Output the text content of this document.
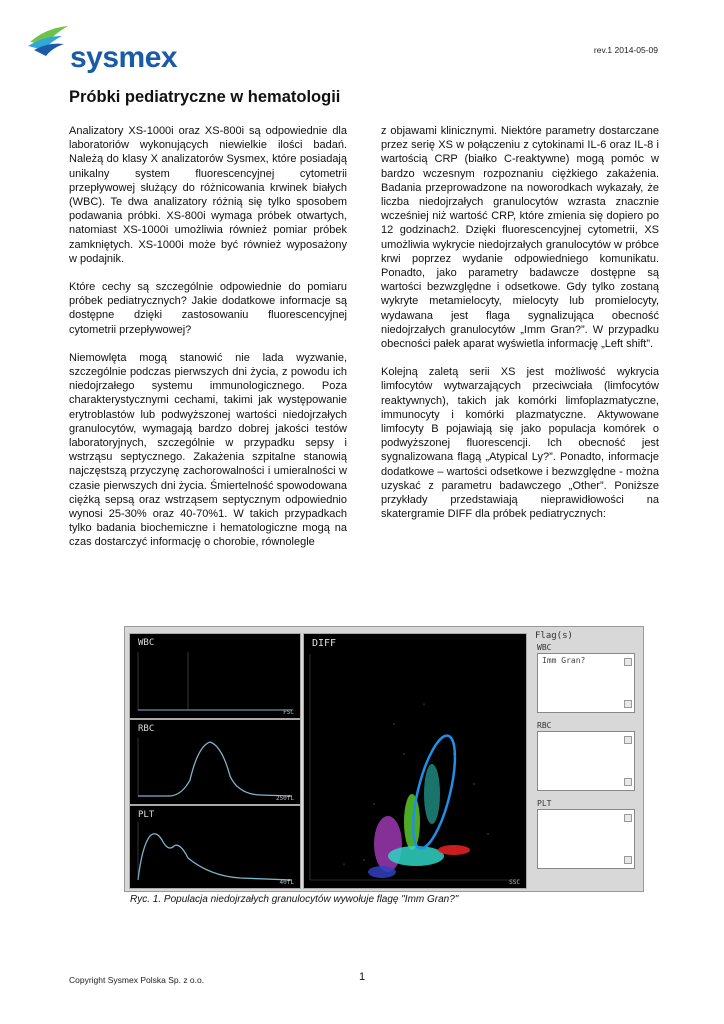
sysmex	rev.1 2014-05-09
Próbki pediatryczne w hematologii

Analizatory XS-1000i oraz XS-800i są odpowiednie dla laboratoriów wykonujących niewielkie ilości badań. Należą do klasy X analizatorów Sysmex, które posiadają unikalny system fluorescencyjnej cytometrii przepływowej służący do różnicowania krwinek białych (WBC). Te dwa analizatory różnią się tylko sposobem podawania próbki. XS-800i wymaga próbek otwartych, natomiast XS-1000i umożliwia również pomiar próbek zamkniętych. XS-1000i może być również wyposażony w podajnik.

Które cechy są szczególnie odpowiednie do pomiaru próbek pediatrycznych? Jakie dodatkowe informacje są dostępne dzięki zastosowaniu fluorescencyjnej cytometrii przepływowej?

Niemowlęta mogą stanowić nie lada wyzwanie, szczególnie podczas pierwszych dni życia, z powodu ich niedojrzałego systemu immunologicznego. Poza charakterystycznymi cechami, takimi jak występowanie erytroblastów lub podwyższonej wartości niedojrzałych granulocytów, wymagają bardzo dobrej jakości testów laboratoryjnych, szczególnie w przypadku sepsy i wstrząsu septycznego. Zakażenia szpitalne stanowią najczęstszą przyczynę zachorowalności i umieralności w czasie pierwszych dni życia. Śmiertelność spowodowana ciężką sepsą oraz wstrząsem septycznym odpowiednio wynosi 25-30% oraz 40-70%1. W takich przypadkach tylko badania biochemiczne i hematologiczne mogą na czas dostarczyć informację o chorobie, równolegle

z objawami klinicznymi. Niektóre parametry dostarczane przez serię XS w połączeniu z cytokinami IL-6 oraz IL-8 i wartością CRP (białko C-reaktywne) mogą pomóc w bardzo wczesnym rozpoznaniu ciężkiego zakażenia. Badania przeprowadzone na noworodkach wykazały, że liczba niedojrzałych granulocytów wzrasta znacznie wcześniej niż wartość CRP, które zmienia się dopiero po 12 godzinach2. Dzięki fluorescencyjnej cytometrii, XS umożliwia wykrycie niedojrzałych granulocytów w próbce krwi poprzez wydanie odpowiedniego komunikatu. Ponadto, jako parametry badawcze dostępne są wartości bezwzględne i odsetkowe. Gdy tylko zostaną wykryte metamielocyty, mielocyty lub promielocyty, wydawana jest flaga sygnalizująca obecność niedojrzałych granulocytów „Imm Gran?”. W przypadku obecności pałek aparat wyświetla informację „Left shift”.

Kolejną zaletą serii XS jest możliwość wykrycia limfocytów wytwarzających przeciwciała (limfocytów reaktywnych), takich jak komórki limfoplazmatyczne, immunocyty i komórki plazmatyczne. Aktywowane limfocyty B pojawiają się jako populacja komórek o podwyższonej fluorescencji. Ich obecność jest sygnalizowana flagą „Atypical Ly?”. Ponadto, informacje dodatkowe – wartości odsetkowe i bezwzględne - można uzyskać z parametru badawczego „Other”. Poniższe przykłady przedstawiają nieprawidłowości na skatergramie DIFF dla próbek pediatrycznych:

WBC
FSC
RBC
250fL
PLT
40fL
DIFF
SSC
Flag(s)
WBC
Imm Gran?
RBC
PLT
Ryc. 1. Populacja niedojrzałych granulocytów wywołuje flagę "Imm Gran?"
Copyright Sysmex Polska Sp. z o.o.	1
